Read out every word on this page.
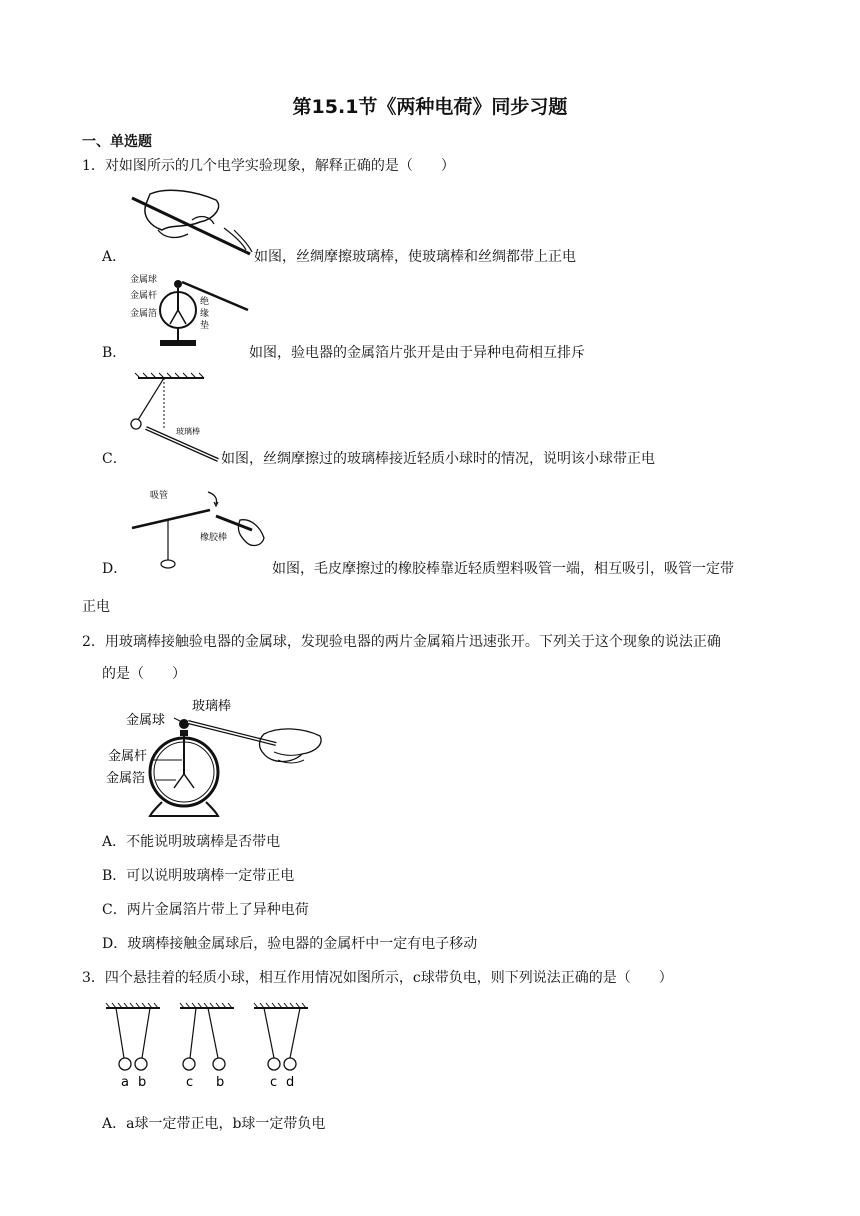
第15.1节《两种电荷》同步习题
一、单选题
1．对如图所示的几个电学实验现象，解释正确的是（　　）
A．	如图，丝绸摩擦玻璃棒，使玻璃棒和丝绸都带上正电
金属球
金属杆
金属箔
绝
缘
垫
B．	如图，验电器的金属箔片张开是由于异种电荷相互排斥
玻璃棒
C．	如图，丝绸摩擦过的玻璃棒接近轻质小球时的情况，说明该小球带正电
吸管
橡胶棒
D．	如图，毛皮摩擦过的橡胶棒靠近轻质塑料吸管一端，相互吸引，吸管一定带
正电
2．用玻璃棒接触验电器的金属球，发现验电器的两片金属箱片迅速张开。下列关于这个现象的说法正确
的是（　　）
玻璃棒
金属球
金属杆
金属箔
A．不能说明玻璃棒是否带电
B．可以说明玻璃棒一定带正电
C．两片金属箔片带上了异种电荷
D．玻璃棒接触金属球后，验电器的金属杆中一定有电子移动
3．四个悬挂着的轻质小球，相互作用情况如图所示，c球带负电，则下列说法正确的是（　　）
a b	c b	c d
A．a球一定带正电，b球一定带负电
